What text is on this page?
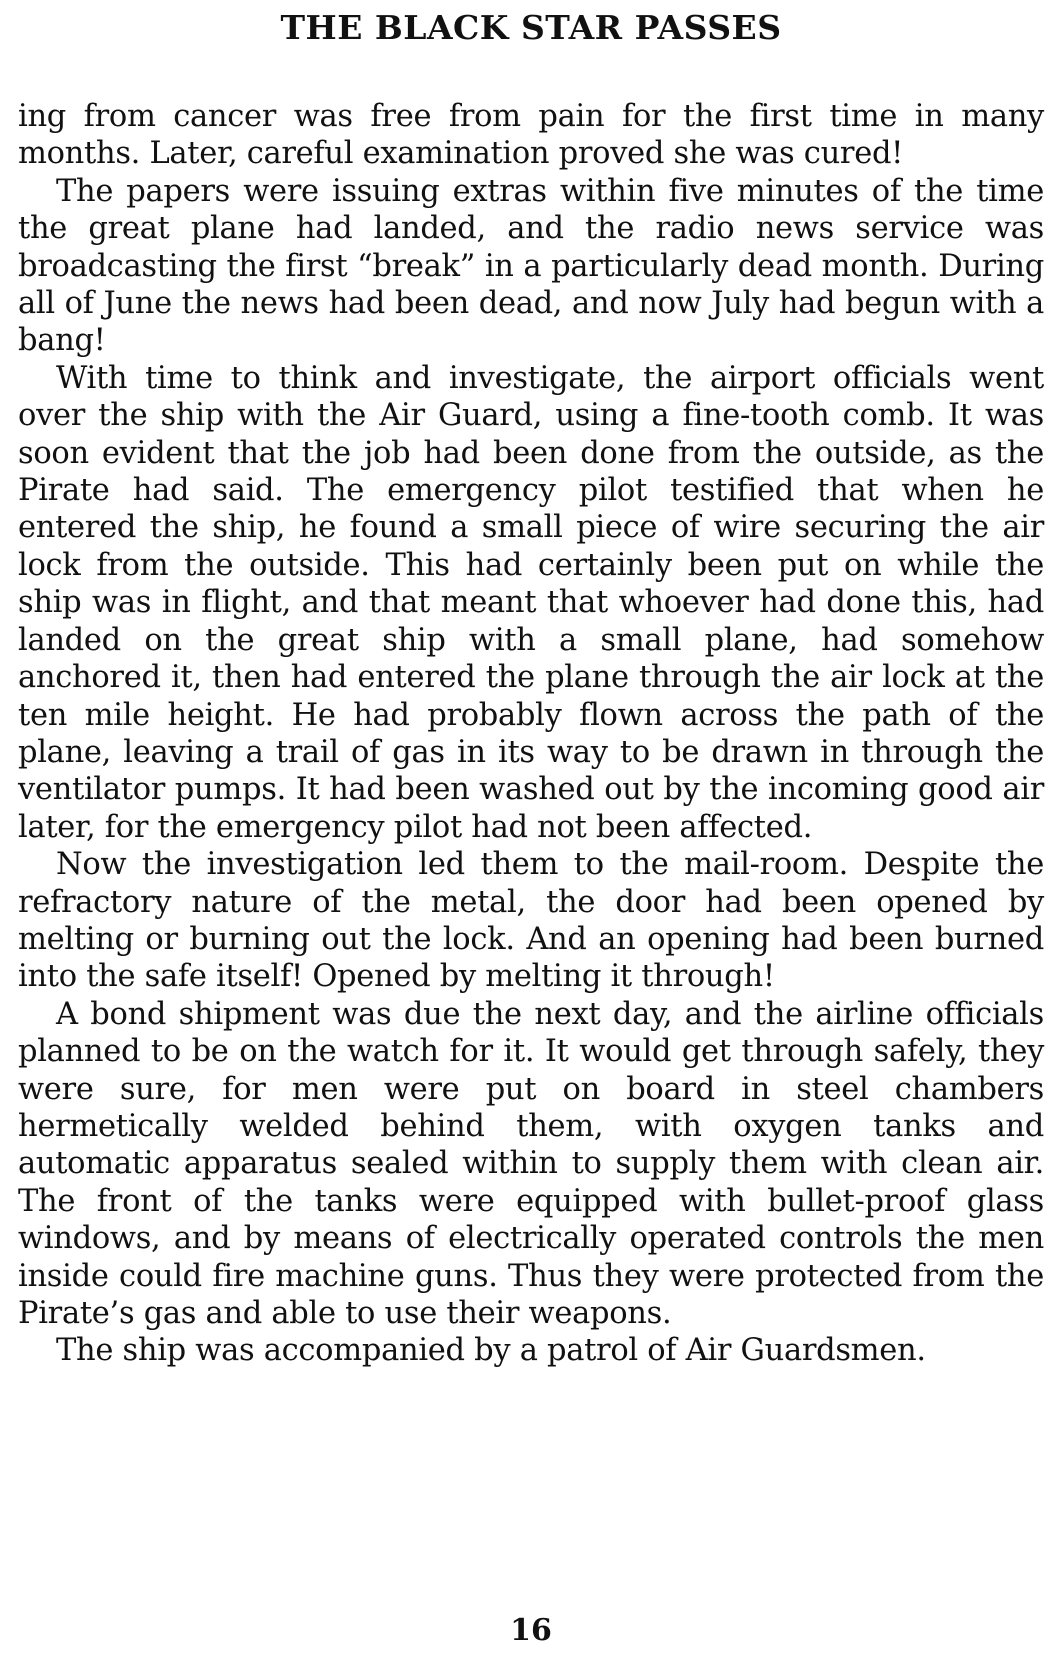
THE BLACK STAR PASSES

ing from cancer was free from pain for the first time in many months. Later, careful examination proved she was cured!

The papers were issuing extras within five minutes of the time the great plane had landed, and the radio news service was broadcasting the first “break” in a particularly dead month. During all of June the news had been dead, and now July had begun with a bang!

With time to think and investigate, the airport officials went over the ship with the Air Guard, using a fine-tooth comb. It was soon evident that the job had been done from the outside, as the Pirate had said. The emergency pilot testified that when he entered the ship, he found a small piece of wire securing the air lock from the outside. This had certainly been put on while the ship was in flight, and that meant that whoever had done this, had landed on the great ship with a small plane, had somehow anchored it, then had entered the plane through the air lock at the ten mile height. He had probably flown across the path of the plane, leaving a trail of gas in its way to be drawn in through the ventilator pumps. It had been washed out by the incoming good air later, for the emergency pilot had not been affected.

Now the investigation led them to the mail-room. Despite the refractory nature of the metal, the door had been opened by melting or burning out the lock. And an opening had been burned into the safe itself! Opened by melting it through!

A bond shipment was due the next day, and the airline officials planned to be on the watch for it. It would get through safely, they were sure, for men were put on board in steel chambers hermetically welded behind them, with oxygen tanks and automatic apparatus sealed within to supply them with clean air. The front of the tanks were equipped with bullet-proof glass windows, and by means of electrically operated controls the men inside could fire machine guns. Thus they were protected from the Pirate’s gas and able to use their weapons.

The ship was accompanied by a patrol of Air Guardsmen.

16
